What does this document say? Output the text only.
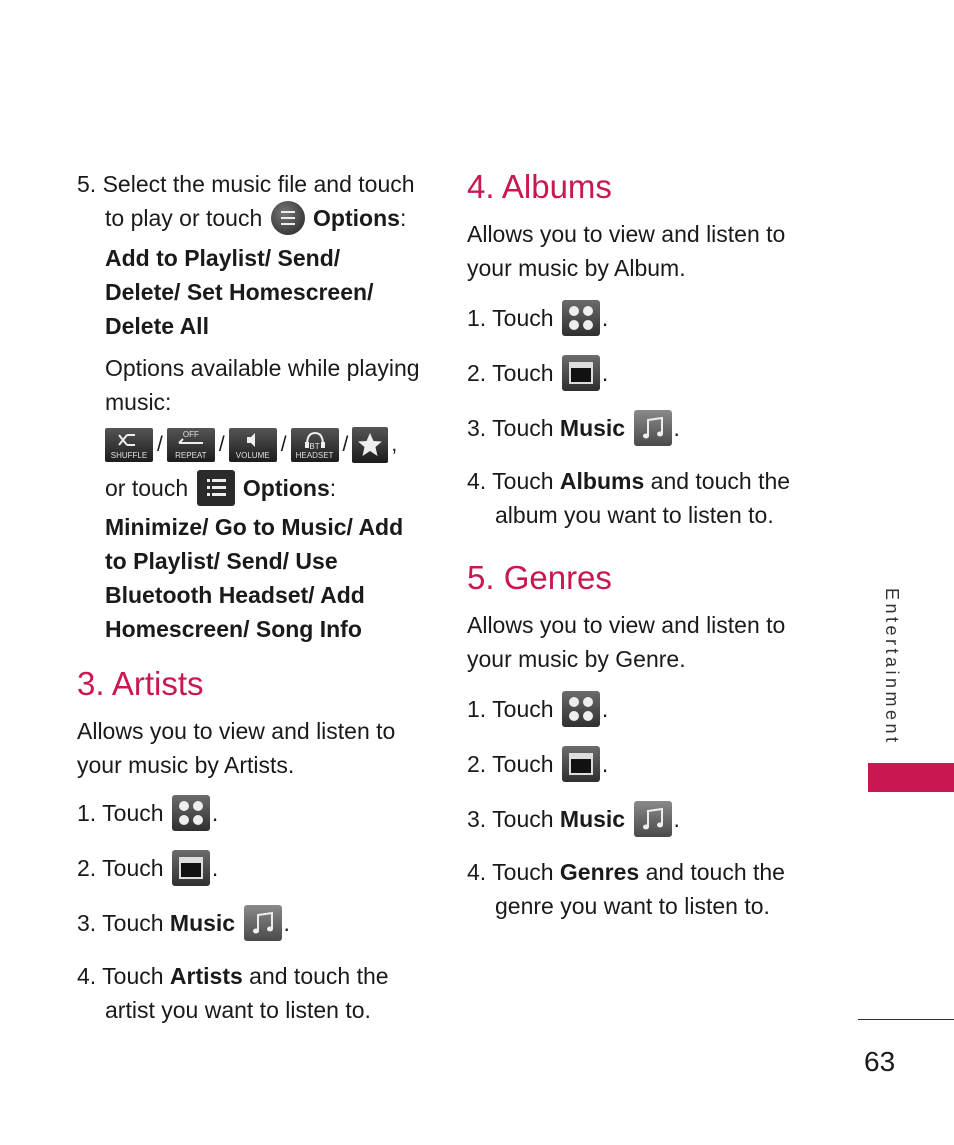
5. Select the music file and touch
to play or touch Options:

Add to Playlist/ Send/ Delete/ Set Homescreen/ Delete All

Options available while playing music:

SHUFFLE /	OFF
REPEAT /	VOLUME /	BT HEADSET / ,

or touch Options:

Minimize/ Go to Music/ Add to Playlist/ Send/ Use Bluetooth Headset/ Add Homescreen/ Song Info

3. Artists

Allows you to view and listen to your music by Artists.

1. Touch .

2. Touch .

3. Touch Music .

4. Touch Artists and touch the artist you want to listen to.

4. Albums

Allows you to view and listen to your music by Album.

1. Touch .

2. Touch .

3. Touch Music .

4. Touch Albums and touch the album you want to listen to.

5. Genres

Allows you to view and listen to your music by Genre.

1. Touch .

2. Touch .

3. Touch Music .

4. Touch Genres and touch the genre you want to listen to.

Entertainment
63
